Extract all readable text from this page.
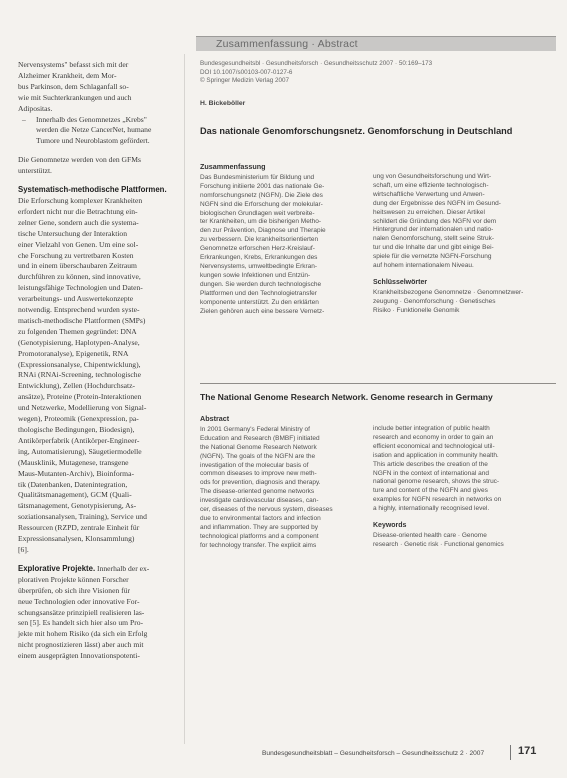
Zusammenfassung · Abstract

Nervensystems" befasst sich mit der

Alzheimer Krankheit, dem Mor-

bus Parkinson, dem Schlaganfall so-

wie mit Suchterkrankungen und auch

Adipositas.

– Innerhalb des Genomnetzes „Krebs"

werden die Netze CancerNet, humane

Tumore und Neuroblastom gefördert.

Die Genomnetze werden von den GFMs

unterstützt.

Systematisch-methodische Plattformen.

Die Erforschung komplexer Krankheiten

erfordert nicht nur die Betrachtung ein-

zelner Gene, sondern auch die systema-

tische Untersuchung der Interaktion

einer Vielzahl von Genen. Um eine sol-

che Forschung zu vertretbaren Kosten

und in einem überschaubaren Zeitraum

durchführen zu können, sind innovative,

leistungsfähige Technologien und Daten-

verarbeitungs- und Auswertekonzepte

notwendig. Entsprechend wurden syste-

matisch-methodische Plattformen (SMPs)

zu folgenden Themen gegründet: DNA

(Genotypisierung, Haplotypen-Analyse,

Promotoranalyse), Epigenetik, RNA

(Expressionsanalyse, Chipentwicklung),

RNAi (RNAi-Screening, technologische

Entwicklung), Zellen (Hochdurchsatz-

ansätze), Proteine (Protein-Interaktionen

und Netzwerke, Modellierung von Signal-

wegen), Proteomik (Genexpression, pa-

thologische Bedingungen, Biodesign),

Antikörperfabrik (Antikörper-Engineer-

ing, Automatisierung), Säugetiermodelle

(Mausklinik, Mutagenese, transgene

Maus-Mutanten-Archiv), Bioinforma-

tik (Datenbanken, Datenintegration,

Qualitätsmanagement), GCM (Quali-

tätsmanagement, Genotypisierung, As-

soziationsanalysen, Training), Service und

Ressourcen (RZPD, zentrale Einheit für

Expressionsanalysen, Klonsammlung)

[6].

Explorative Projekte. Innerhalb der ex-

plorativen Projekte können Forscher

überprüfen, ob sich ihre Visionen für

neue Technologien oder innovative For-

schungsansätze prinzipiell realisieren las-

sen [5]. Es handelt sich hier also um Pro-

jekte mit hohem Risiko (da sich ein Erfolg

nicht prognostizieren lässt) aber auch mit

einem ausgeprägten Innovationspotenti-

Bundesgesundheitsbl · Gesundheitsforsch · Gesundheitsschutz 2007 · 50:169–173
DOI 10.1007/s00103-007-0127-6
© Springer Medizin Verlag 2007
H. Bickeböller
Das nationale Genomforschungsnetz. Genomforschung in Deutschland
Zusammenfassung

Das Bundesministerium für Bildung und

Forschung initiierte 2001 das nationale Ge-

nomforschungsnetz (NGFN). Die Ziele des

NGFN sind die Erforschung der molekular-

biologischen Grundlagen weit verbreite-

ter Krankheiten, um die bisherigen Metho-

den zur Prävention, Diagnose und Therapie

zu verbessern. Die krankheitsorientierten

Genomnetze erforschen Herz-Kreislauf-

Erkrankungen, Krebs, Erkrankungen des

Nervensystems, umweltbedingte Erkran-

kungen sowie Infektionen und Entzün-

dungen. Sie werden durch technologische

Plattformen und den Technologietransfer

komponente unterstützt. Zu den erklärten

Zielen gehören auch eine bessere Vernetz-

ung von Gesundheitsforschung und Wirt-

schaft, um eine effiziente technologisch-

wirtschaftliche Verwertung und Anwen-

dung der Ergebnisse des NGFN im Gesund-

heitswesen zu erreichen. Dieser Artikel

schildert die Gründung des NGFN vor dem

Hintergrund der internationalen und natio-

nalen Genomforschung, stellt seine Struk-

tur und die Inhalte dar und gibt einige Bei-

spiele für die vernetzte NGFN-Forschung

auf hohem internationalem Niveau.

Schlüsselwörter

Krankheitsbezogene Genomnetze · Genomnetzwer-

zeugung · Genomforschung · Genetisches

Risiko · Funktionelle Genomik

The National Genome Research Network. Genome research in Germany
Abstract

In 2001 Germany's Federal Ministry of

Education and Research (BMBF) initiated

the National Genome Research Network

(NGFN). The goals of the NGFN are the

investigation of the molecular basis of

common diseases to improve new meth-

ods for prevention, diagnosis and therapy.

The disease-oriented genome networks

investigate cardiovascular diseases, can-

cer, diseases of the nervous system, diseases

due to environmental factors and infection

and inflammation. They are supported by

technological platforms and a component

for technology transfer. The explicit aims

include better integration of public health

research and economy in order to gain an

efficient economical and technological util-

isation and application in community health.

This article describes the creation of the

NGFN in the context of international and

national genome research, shows the struc-

ture and content of the NGFN and gives

examples for NGFN research in networks on

a highly, internationally recognised level.

Keywords

Disease-oriented health care · Genome

research · Genetic risk · Functional genomics

Bundesgesundheitsblatt – Gesundheitsforsch – Gesundheitsschutz 2 · 2007	171
